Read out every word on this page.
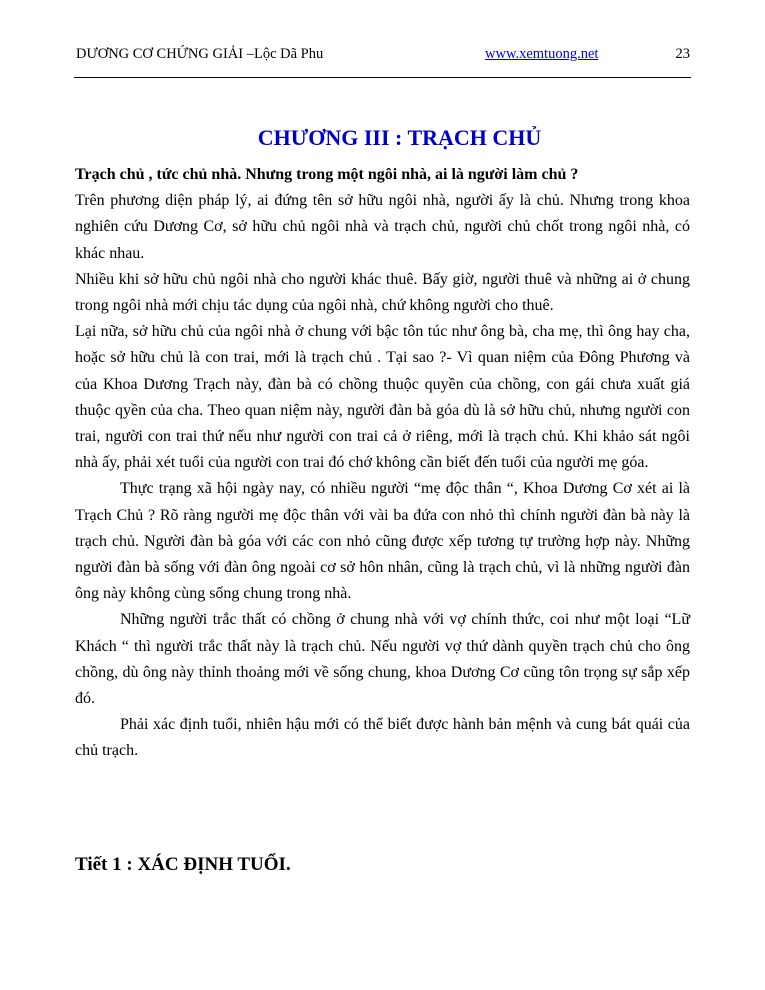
DƯƠNG CƠ CHỨNG GIẢI –Lộc Dã Phu	www.xemtuong.net	23
CHƯƠNG III : TRẠCH CHỦ

Trạch chủ , tức chủ nhà. Nhưng trong một ngôi nhà, ai là người làm chủ ?

Trên phương diện pháp lý, ai đứng tên sở hữu ngôi nhà, người ấy là chủ. Nhưng trong khoa nghiên cứu Dương Cơ, sở hữu chủ ngôi nhà và trạch chủ, người chủ chốt trong ngôi nhà, có khác nhau.

Nhiều khi sở hữu chủ ngôi nhà cho người khác thuê. Bấy giờ, người thuê và những ai ở chung trong ngôi nhà mới chịu tác dụng của ngôi nhà, chứ không người cho thuê.

Lại nữa, sở hữu chủ của ngôi nhà ở chung với bậc tôn túc như ông bà, cha mẹ, thì ông hay cha, hoặc sở hữu chủ là con trai, mới là trạch chủ . Tại sao ?- Vì quan niệm của Đông Phương và của Khoa Dương Trạch này, đàn bà có chồng thuộc quyền của chồng, con gái chưa xuất giá thuộc qyền của cha. Theo quan niệm này, người đàn bà góa dù là sở hữu chủ, nhưng người con trai, người con trai thứ nếu như người con trai cả ở riêng, mới là trạch chủ. Khi khảo sát ngôi nhà ấy, phải xét tuổi của người con trai đó chớ không cần biết đến tuổi của người mẹ góa.

Thực trạng xã hội ngày nay, có nhiều người “mẹ độc thân “, Khoa Dương Cơ xét ai là Trạch Chủ ? Rõ ràng người mẹ độc thân với vài ba đứa con nhỏ thì chính người đàn bà này là trạch chủ. Người đàn bà góa với các con nhỏ cũng được xếp tương tự trường hợp này. Những người đàn bà sống với đàn ông ngoài cơ sở hôn nhân, cũng là trạch chủ, vì là những người đàn ông này không cùng sống chung trong nhà.

Những người trắc thất có chồng ở chung nhà với vợ chính thức, coi như một loại “Lữ Khách “ thì người trắc thất này là trạch chủ. Nếu người vợ thứ dành quyền trạch chủ cho ông chồng, dù ông này thỉnh thoảng mới về sống chung, khoa Dương Cơ cũng tôn trọng sự sắp xếp đó.

Phải xác định tuổi, nhiên hậu mới có thể biết được hành bản mệnh và cung bát quái của chủ trạch.

Tiết 1 : XÁC ĐỊNH TUỔI.
